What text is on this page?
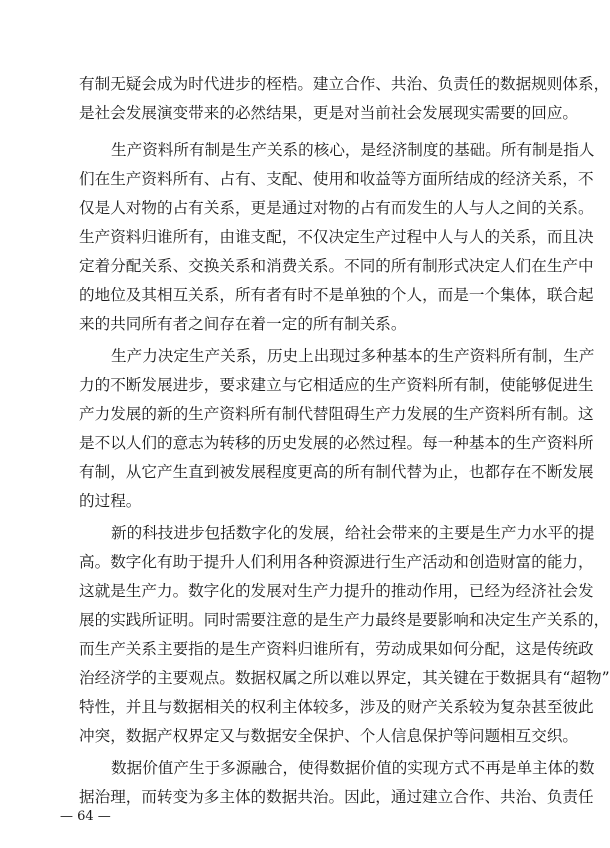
有制无疑会成为时代进步的桎梏。建立合作、共治、负责任的数据规则体系，
是社会发展演变带来的必然结果，更是对当前社会发展现实需要的回应。
生产资料所有制是生产关系的核心，是经济制度的基础。所有制是指人
们在生产资料所有、占有、支配、使用和收益等方面所结成的经济关系，不
仅是人对物的占有关系，更是通过对物的占有而发生的人与人之间的关系。
生产资料归谁所有，由谁支配，不仅决定生产过程中人与人的关系，而且决
定着分配关系、交换关系和消费关系。不同的所有制形式决定人们在生产中
的地位及其相互关系，所有者有时不是单独的个人，而是一个集体，联合起
来的共同所有者之间存在着一定的所有制关系。
生产力决定生产关系，历史上出现过多种基本的生产资料所有制，生产
力的不断发展进步，要求建立与它相适应的生产资料所有制，使能够促进生
产力发展的新的生产资料所有制代替阻碍生产力发展的生产资料所有制。这
是不以人们的意志为转移的历史发展的必然过程。每一种基本的生产资料所
有制，从它产生直到被发展程度更高的所有制代替为止，也都存在不断发展
的过程。
新的科技进步包括数字化的发展，给社会带来的主要是生产力水平的提
高。数字化有助于提升人们利用各种资源进行生产活动和创造财富的能力，
这就是生产力。数字化的发展对生产力提升的推动作用，已经为经济社会发
展的实践所证明。同时需要注意的是生产力最终是要影响和决定生产关系的，
而生产关系主要指的是生产资料归谁所有，劳动成果如何分配，这是传统政
治经济学的主要观点。数据权属之所以难以界定，其关键在于数据具有“超物”
特性，并且与数据相关的权利主体较多，涉及的财产关系较为复杂甚至彼此
冲突，数据产权界定又与数据安全保护、个人信息保护等问题相互交织。
数据价值产生于多源融合，使得数据价值的实现方式不再是单主体的数
据治理，而转变为多主体的数据共治。因此，通过建立合作、共治、负责任
— 64 —
